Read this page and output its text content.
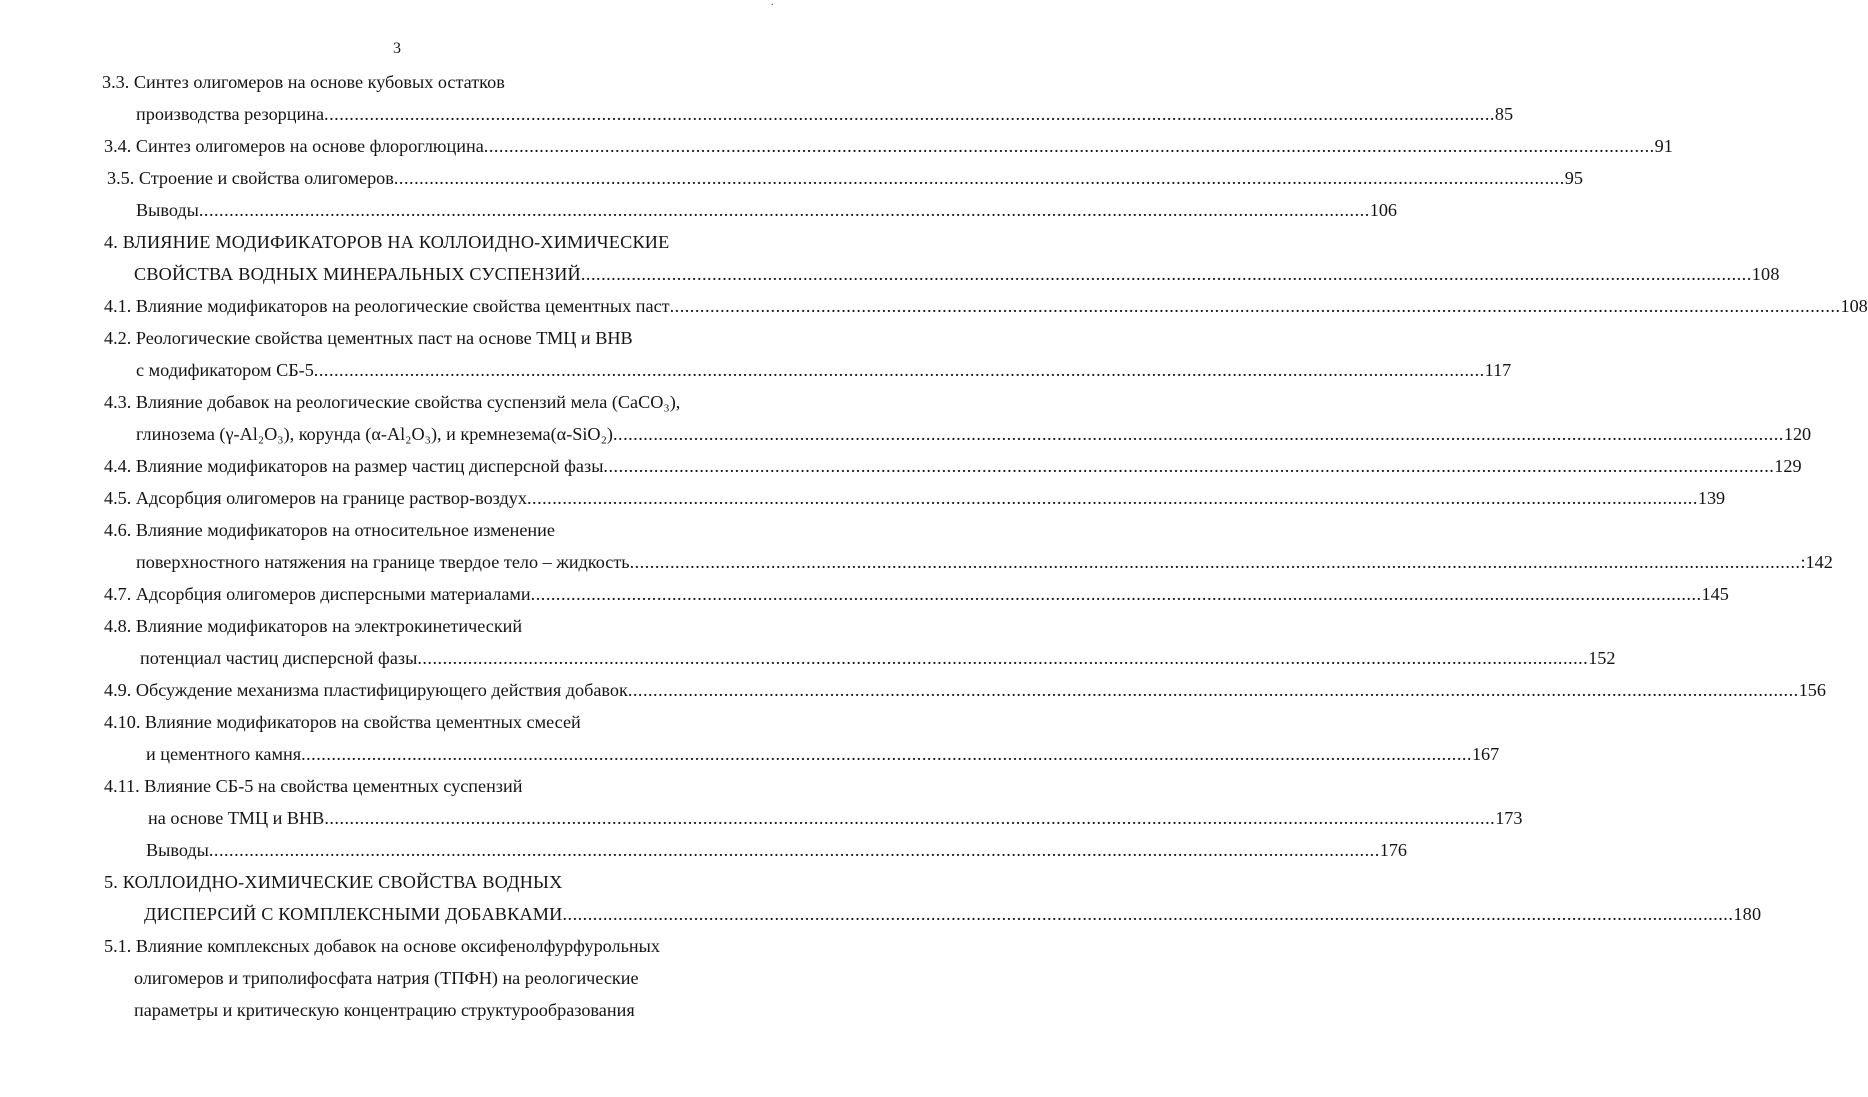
·
3
3.3. Синтез олигомеров на основе кубовых остатков
производства резорцина .....	85
3.4. Синтез олигомеров на основе флороглюцина .....	91
3.5. Строение и свойства олигомеров .....	95
Выводы .....	106
4. ВЛИЯНИЕ МОДИФИКАТОРОВ НА КОЛЛОИДНО-ХИМИЧЕСКИЕ
СВОЙСТВА ВОДНЫХ МИНЕРАЛЬНЫХ СУСПЕНЗИЙ .....	108
4.1. Влияние модификаторов на реологические свойства цементных паст .....	108
4.2. Реологические свойства цементных паст на основе ТМЦ и ВНВ
с модификатором СБ-5 .....	117
4.3. Влияние добавок на реологические свойства суспензий мела (CaCO₃),
глинозема (γ-Al₂O₃), корунда (α-Al₂O₃), и кремнезема(α-SiO₂) .....	120
4.4. Влияние модификаторов на размер частиц дисперсной фазы .....	129
4.5. Адсорбция олигомеров на границе раствор-воздух .....	139
4.6. Влияние модификаторов на относительное изменение
поверхностного натяжения на границе твердое тело – жидкость .....	:142
4.7. Адсорбция олигомеров дисперсными материалами .....	145
4.8. Влияние модификаторов на электрокинетический
потенциал частиц дисперсной фазы .....	152
4.9. Обсуждение механизма пластифицирующего действия добавок .....	156
4.10. Влияние модификаторов на свойства цементных смесей
и цементного камня .....	167
4.11. Влияние СБ-5 на свойства цементных суспензий
на основе ТМЦ и ВНВ .....	173
Выводы .....	176
5. КОЛЛОИДНО-ХИМИЧЕСКИЕ СВОЙСТВА ВОДНЫХ
ДИСПЕРСИЙ С КОМПЛЕКСНЫМИ ДОБАВКАМИ .....	180
5.1. Влияние комплексных добавок на основе оксифенолфурфурольных
олигомеров и триполифосфата натрия (ТПФН) на реологические
параметры и критическую концентрацию структурообразования
